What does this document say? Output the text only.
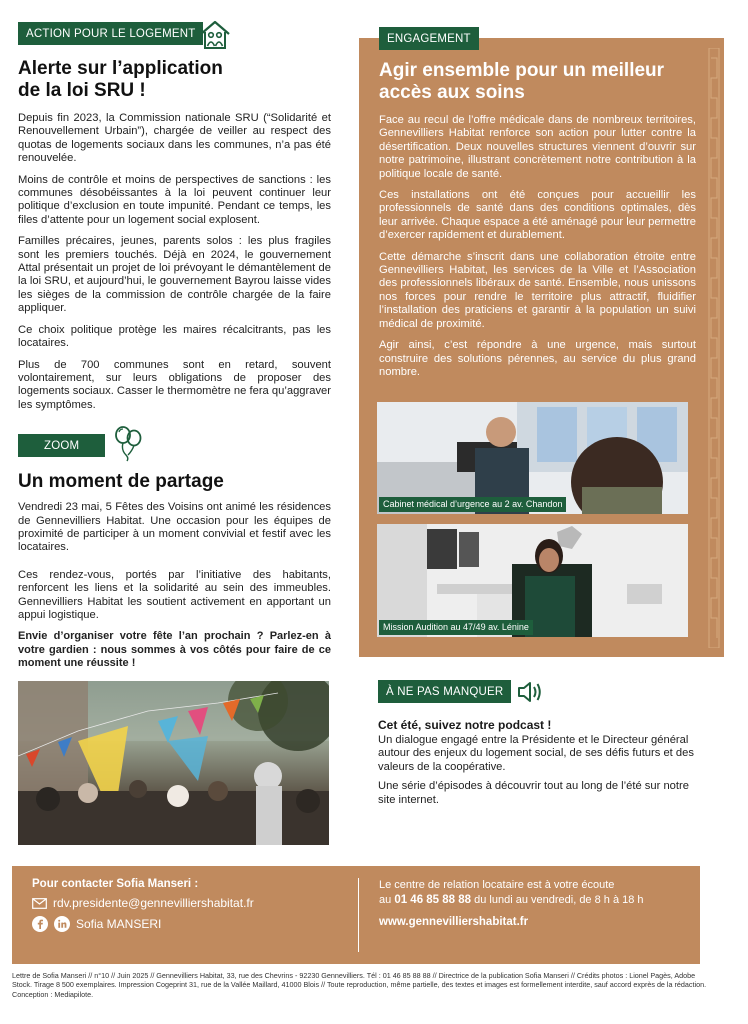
ACTION POUR LE LOGEMENT
Alerte sur l’application
de la loi SRU !

Depuis fin 2023, la Commission nationale SRU (“Solidarité et Renouvellement Urbain”), chargée de veiller au respect des quotas de logements sociaux dans les communes, n’a pas été renouvelée.

Moins de contrôle et moins de perspectives de sanctions : les communes désobéissantes à la loi peuvent continuer leur politique d’exclusion en toute impunité. Pendant ce temps, les files d’attente pour un logement social explosent.

Familles précaires, jeunes, parents solos : les plus fragiles sont les premiers touchés. Déjà en 2024, le gouvernement Attal présentait un projet de loi prévoyant le démantèlement de la loi SRU, et aujourd’hui, le gouvernement Bayrou laisse vides les sièges de la commission de contrôle chargée de la faire appliquer.

Ce choix politique protège les maires récalcitrants, pas les locataires.

Plus de 700 communes sont en retard, souvent volontairement, sur leurs obligations de proposer des logements sociaux. Casser le thermomètre ne fera qu’aggraver les symptômes.

ZOOM
Un moment de partage

Vendredi 23 mai, 5 Fêtes des Voisins ont animé les résidences de Gennevilliers Habitat. Une occasion pour les équipes de proximité de participer à un moment convivial et festif avec les locataires.

Ces rendez-vous, portés par l’initiative des habitants, renforcent les liens et la solidarité au sein des immeubles. Gennevilliers Habitat les soutient activement en apportant un appui logistique.

Envie d’organiser votre fête l’an prochain ? Parlez-en à votre gardien : nous sommes à vos côtés pour faire de ce moment une réussite !

ENGAGEMENT
Agir ensemble pour un meilleur accès aux soins

Face au recul de l’offre médicale dans de nombreux territoires, Gennevilliers Habitat renforce son action pour lutter contre la désertification. Deux nouvelles structures viennent d’ouvrir sur notre patrimoine, illustrant concrètement notre contribution à la politique locale de santé.

Ces installations ont été conçues pour accueillir les professionnels de santé dans des conditions optimales, dès leur arrivée. Chaque espace a été aménagé pour leur permettre d’exercer rapidement et durablement.

Cette démarche s’inscrit dans une collaboration étroite entre Gennevilliers Habitat, les services de la Ville et l’Association des professionnels libéraux de santé. Ensemble, nous unissons nos forces pour rendre le territoire plus attractif, fluidifier l’installation des praticiens et garantir à la population un suivi médical de proximité.

Agir ainsi, c’est répondre à une urgence, mais surtout construire des solutions pérennes, au service du plus grand nombre.

Cabinet médical d’urgence au 2 av. Chandon
Mission Audition au 47/49 av. Lénine
À NE PAS MANQUER
Cet été, suivez notre podcast !

Un dialogue engagé entre la Présidente et le Directeur général autour des enjeux du logement social, de ses défis futurs et des valeurs de la coopérative.

Une série d’épisodes à découvrir tout au long de l’été sur notre site internet.

Pour contacter Sofia Manseri :
rdv.presidente@gennevillier​shabitat.fr
Sofia MANSERI
Le centre de relation locataire est à votre écoute
au 01 46 85 88 88 du lundi au vendredi, de 8 h à 18 h
www.gennevilliershabitat.fr
Lettre de Sofia Manseri // n°10 // Juin 2025 // Gennevilliers Habitat, 33, rue des Chevrins - 92230 Gennevilliers. Tél : 01 46 85 88 88 // Directrice de la publication Sofia Manseri // Crédits photos : Lionel Pagès, Adobe Stock. Tirage 8 500 exemplaires. Impression Cogeprint 31, rue de la Vallée Maillard, 41000 Blois // Toute reproduction, même partielle, des textes et images est formellement interdite, sauf accord exprès de la rédaction. Conception : Mediapilote.
